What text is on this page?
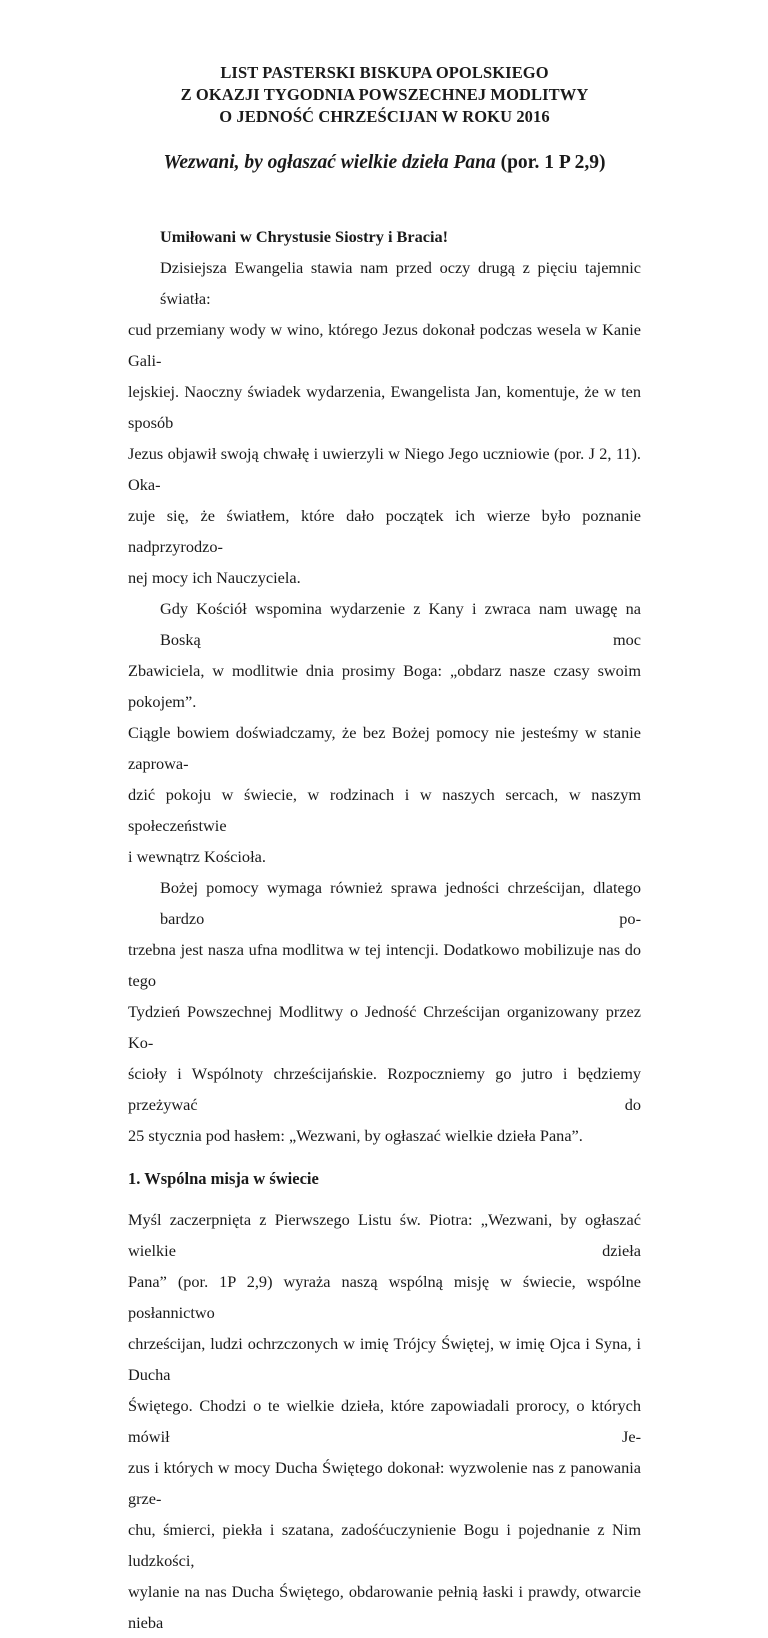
LIST PASTERSKI BISKUPA OPOLSKIEGO
Z OKAZJI TYGODNIA POWSZECHNEJ MODLITWY
O JEDNOŚĆ CHRZEŚCIJAN W ROKU 2016
Wezwani, by ogłaszać wielkie dzieła Pana (por. 1 P 2,9)
Umiłowani w Chrystusie Siostry i Bracia!
Dzisiejsza Ewangelia stawia nam przed oczy drugą z pięciu tajemnic światła:
cud przemiany wody w wino, którego Jezus dokonał podczas wesela w Kanie Gali-
lejskiej. Naoczny świadek wydarzenia, Ewangelista Jan, komentuje, że w ten sposób
Jezus objawił swoją chwałę i uwierzyli w Niego Jego uczniowie (por. J 2, 11). Oka-
zuje się, że światłem, które dało początek ich wierze było poznanie nadprzyrodzo-
nej mocy ich Nauczyciela.
Gdy Kościół wspomina wydarzenie z Kany i zwraca nam uwagę na Boską moc
Zbawiciela, w modlitwie dnia prosimy Boga: „obdarz nasze czasy swoim pokojem”.
Ciągle bowiem doświadczamy, że bez Bożej pomocy nie jesteśmy w stanie zaprowa-
dzić pokoju w świecie, w rodzinach i w naszych sercach, w naszym społeczeństwie
i wewnątrz Kościoła.
Bożej pomocy wymaga również sprawa jedności chrześcijan, dlatego bardzo po-
trzebna jest nasza ufna modlitwa w tej intencji. Dodatkowo mobilizuje nas do tego
Tydzień Powszechnej Modlitwy o Jedność Chrześcijan organizowany przez Ko-
ścioły i Wspólnoty chrześcijańskie. Rozpoczniemy go jutro i będziemy przeżywać do
25 stycznia pod hasłem: „Wezwani, by ogłaszać wielkie dzieła Pana”.
1. Wspólna misja w świecie
Myśl zaczerpnięta z Pierwszego Listu św. Piotra: „Wezwani, by ogłaszać wielkie dzieła
Pana” (por. 1P 2,9) wyraża naszą wspólną misję w świecie, wspólne posłannictwo
chrześcijan, ludzi ochrzczonych w imię Trójcy Świętej, w imię Ojca i Syna, i Ducha
Świętego. Chodzi o te wielkie dzieła, które zapowiadali prorocy, o których mówił Je-
zus i których w mocy Ducha Świętego dokonał: wyzwolenie nas z panowania grze-
chu, śmierci, piekła i szatana, zadośćuczynienie Bogu i pojednanie z Nim ludzkości,
wylanie na nas Ducha Świętego, obdarowanie pełnią łaski i prawdy, otwarcie nieba
